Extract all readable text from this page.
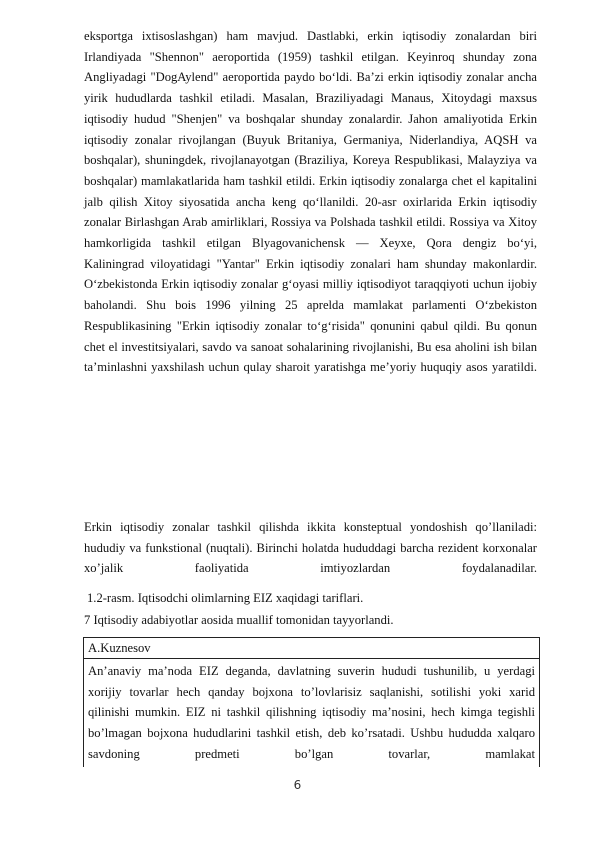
eksportga ixtisoslashgan) ham mavjud. Dastlabki, erkin iqtisodiy zonalardan biri Irlandiyada "Shennon" aeroportida (1959) tashkil etilgan. Keyinroq shunday zona Angliyadagi "DogAylend" aeroportida paydo bo‘ldi. Ba’zi erkin iqtisodiy zonalar ancha yirik hududlarda tashkil etiladi. Masalan, Braziliyadagi Manaus, Xitoydagi maxsus iqtisodiy hudud "Shenjen" va boshqalar shunday zonalardir. Jahon amaliyotida Erkin iqtisodiy zonalar rivojlangan (Buyuk Britaniya, Germaniya, Niderlandiya, AQSH va boshqalar), shuningdek, rivojlanayotgan (Braziliya, Koreya Respublikasi, Malayziya va boshqalar) mamlakatlarida ham tashkil etildi. Erkin iqtisodiy zonalarga chet el kapitalini jalb qilish Xitoy siyosatida ancha keng qo‘llanildi. 20-asr oxirlarida Erkin iqtisodiy zonalar Birlashgan Arab amirliklari, Rossiya va Polshada tashkil etildi. Rossiya va Xitoy hamkorligida tashkil etilgan Blyagovanichensk — Xeyxe, Qora dengiz bo‘yi, Kaliningrad viloyatidagi "Yantar" Erkin iqtisodiy zonalari ham shunday makonlardir. O‘zbekistonda Erkin iqtisodiy zonalar g‘oyasi milliy iqtisodiyot taraqqiyoti uchun ijobiy baholandi. Shu bois 1996 yilning 25 aprelda mamlakat parlamenti O‘zbekiston Respublikasining "Erkin iqtisodiy zonalar to‘g‘risida" qonunini qabul qildi. Bu qonun chet el investitsiyalari, savdo va sanoat sohalarining rivojlanishi, Bu esa aholini ish bilan ta’minlashni yaxshilash uchun qulay sharoit yaratishga me’yoriy huquqiy asos yaratildi.

Erkin iqtisodiy zonalar tashkil qilishda ikkita konsteptual yondoshish qo’llaniladi: hududiy va funkstional (nuqtali). Birinchi holatda hududdagi barcha rezident korxonalar xo’jalik faoliyatida imtiyozlardan foydalanadilar.

1.2-rasm. Iqtisodchi olimlarning EIZ xaqidagi tariflari.
7 Iqtisodiy adabiyotlar aosida muallif tomonidan tayyorlandi.
A.Kuznesov
An’anaviy ma’noda EIZ deganda, davlatning suverin hududi tushunilib, u yerdagi xorijiy tovarlar hech qanday bojxona to’lovlarisiz saqlanishi, sotilishi yoki xarid qilinishi mumkin. EIZ ni tashkil qilishning iqtisodiy ma’nosini, hech kimga tegishli bo’lmagan bojxona hududlarini tashkil etish, deb ko’rsatadi. Ushbu hududda xalqaro savdoning predmeti bo’lgan tovarlar, mamlakat
6
